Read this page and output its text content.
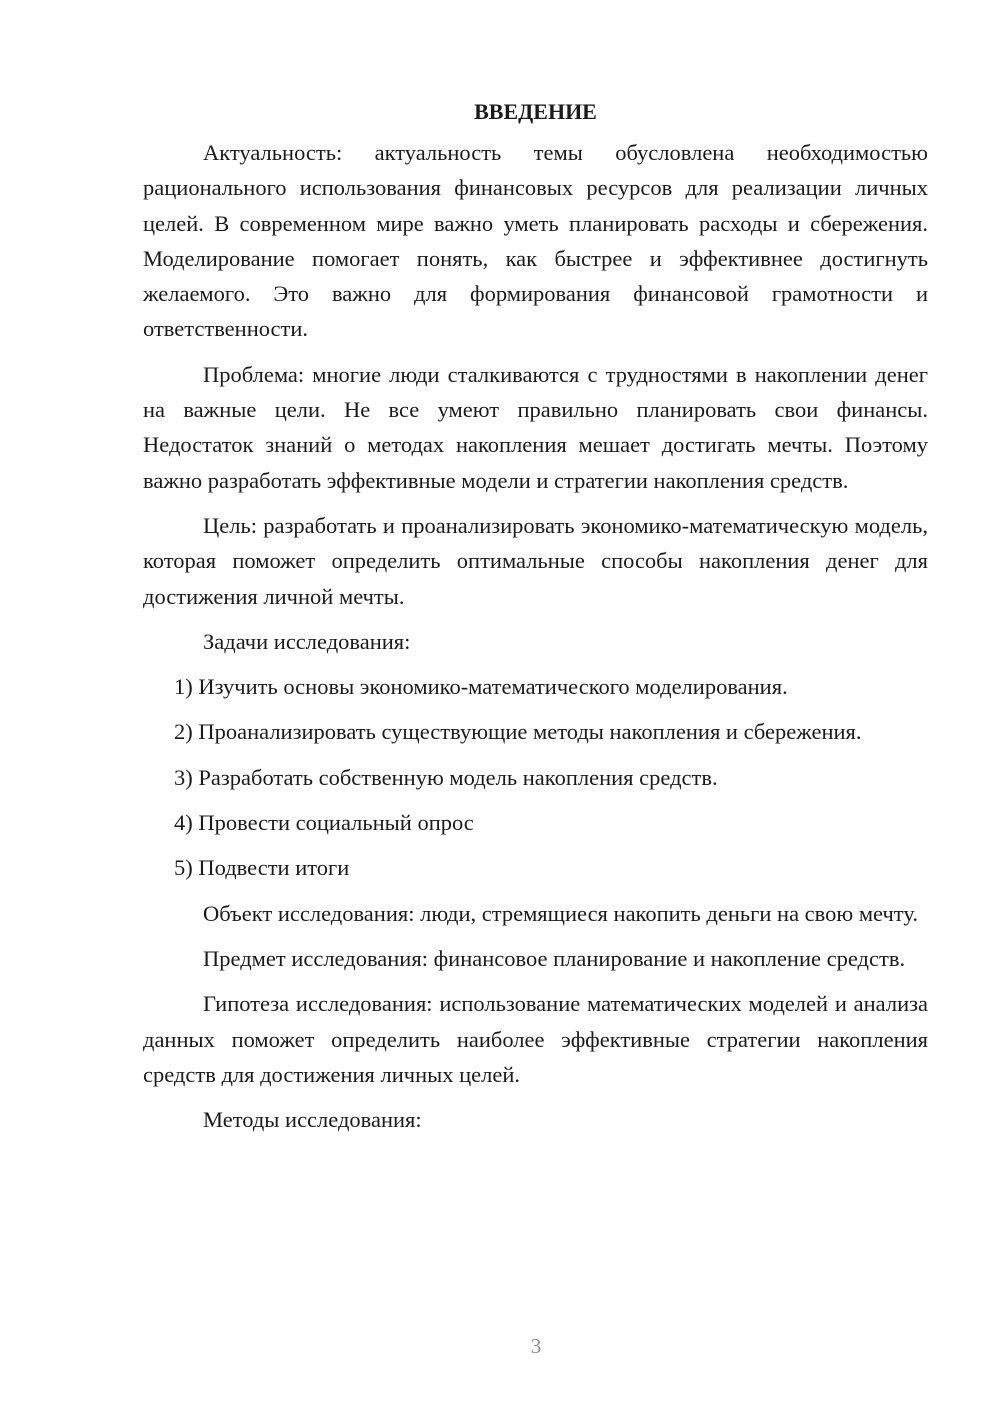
ВВЕДЕНИЕ

Актуальность: актуальность темы обусловлена необходимостью рационального использования финансовых ресурсов для реализации личных целей. В современном мире важно уметь планировать расходы и сбережения. Моделирование помогает понять, как быстрее и эффективнее достигнуть желаемого. Это важно для формирования финансовой грамотности и ответственности.

Проблема: многие люди сталкиваются с трудностями в накоплении денег на важные цели. Не все умеют правильно планировать свои финансы. Недостаток знаний о методах накопления мешает достигать мечты. Поэтому важно разработать эффективные модели и стратегии накопления средств.

Цель: разработать и проанализировать экономико-математическую модель, которая поможет определить оптимальные способы накопления денег для достижения личной мечты.

Задачи исследования:

1) Изучить основы экономико-математического моделирования.

2) Проанализировать существующие методы накопления и сбережения.

3) Разработать собственную модель накопления средств.

4) Провести социальный опрос

5) Подвести итоги

Объект исследования: люди, стремящиеся накопить деньги на свою мечту.

Предмет исследования: финансовое планирование и накопление средств.

Гипотеза исследования: использование математических моделей и анализа данных поможет определить наиболее эффективные стратегии накопления средств для достижения личных целей.

Методы исследования:

3
